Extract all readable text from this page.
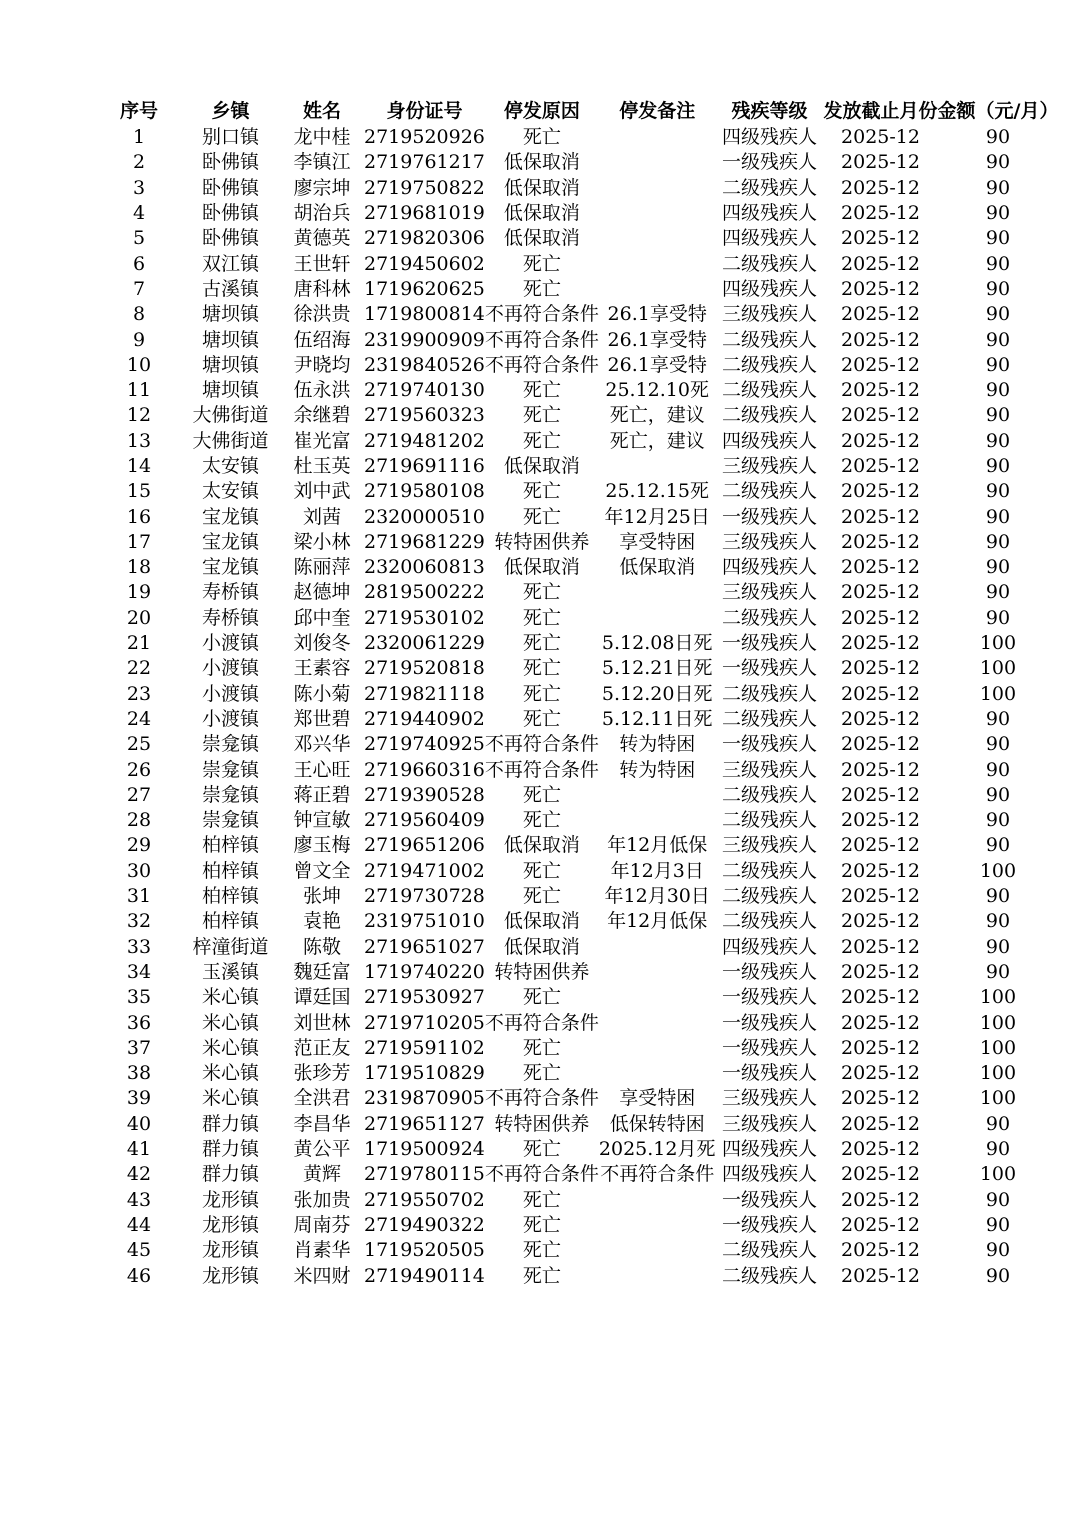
序号	乡镇	姓名	身份证号	停发原因	停发备注	残疾等级	发放截止月份	金额（元/月）
1	别口镇	龙中桂	2719520926	死亡		四级残疾人	2025-12	90
2	卧佛镇	李镇江	2719761217	低保取消		一级残疾人	2025-12	90
3	卧佛镇	廖宗坤	2719750822	低保取消		二级残疾人	2025-12	90
4	卧佛镇	胡治兵	2719681019	低保取消		四级残疾人	2025-12	90
5	卧佛镇	黄德英	2719820306	低保取消		四级残疾人	2025-12	90
6	双江镇	王世轩	2719450602	死亡		二级残疾人	2025-12	90
7	古溪镇	唐科林	1719620625	死亡		四级残疾人	2025-12	90
8	塘坝镇	徐洪贵	1719800814	不再符合条件	26.1享受特	三级残疾人	2025-12	90
9	塘坝镇	伍绍海	2319900909	不再符合条件	26.1享受特	二级残疾人	2025-12	90
10	塘坝镇	尹晓均	2319840526	不再符合条件	26.1享受特	二级残疾人	2025-12	90
11	塘坝镇	伍永洪	2719740130	死亡	25.12.10死	二级残疾人	2025-12	90
12	大佛街道	余继碧	2719560323	死亡	死亡，建议	二级残疾人	2025-12	90
13	大佛街道	崔光富	2719481202	死亡	死亡，建议	四级残疾人	2025-12	90
14	太安镇	杜玉英	2719691116	低保取消		三级残疾人	2025-12	90
15	太安镇	刘中武	2719580108	死亡	25.12.15死	二级残疾人	2025-12	90
16	宝龙镇	刘茜	2320000510	死亡	年12月25日	一级残疾人	2025-12	90
17	宝龙镇	梁小林	2719681229	转特困供养	享受特困	三级残疾人	2025-12	90
18	宝龙镇	陈丽萍	2320060813	低保取消	低保取消	四级残疾人	2025-12	90
19	寿桥镇	赵德坤	2819500222	死亡		三级残疾人	2025-12	90
20	寿桥镇	邱中奎	2719530102	死亡		二级残疾人	2025-12	90
21	小渡镇	刘俊冬	2320061229	死亡	5.12.08日死	一级残疾人	2025-12	100
22	小渡镇	王素容	2719520818	死亡	5.12.21日死	一级残疾人	2025-12	100
23	小渡镇	陈小菊	2719821118	死亡	5.12.20日死	二级残疾人	2025-12	100
24	小渡镇	郑世碧	2719440902	死亡	5.12.11日死	二级残疾人	2025-12	90
25	崇龛镇	邓兴华	2719740925	不再符合条件	转为特困	一级残疾人	2025-12	90
26	崇龛镇	王心旺	2719660316	不再符合条件	转为特困	三级残疾人	2025-12	90
27	崇龛镇	蒋正碧	2719390528	死亡		二级残疾人	2025-12	90
28	崇龛镇	钟宣敏	2719560409	死亡		二级残疾人	2025-12	90
29	柏梓镇	廖玉梅	2719651206	低保取消	年12月低保	三级残疾人	2025-12	90
30	柏梓镇	曾文全	2719471002	死亡	年12月3日	二级残疾人	2025-12	100
31	柏梓镇	张坤	2719730728	死亡	年12月30日	二级残疾人	2025-12	90
32	柏梓镇	袁艳	2319751010	低保取消	年12月低保	二级残疾人	2025-12	90
33	梓潼街道	陈敬	2719651027	低保取消		四级残疾人	2025-12	90
34	玉溪镇	魏廷富	1719740220	转特困供养		一级残疾人	2025-12	90
35	米心镇	谭廷国	2719530927	死亡		一级残疾人	2025-12	100
36	米心镇	刘世林	2719710205	不再符合条件		一级残疾人	2025-12	100
37	米心镇	范正友	2719591102	死亡		一级残疾人	2025-12	100
38	米心镇	张珍芳	1719510829	死亡		一级残疾人	2025-12	100
39	米心镇	全洪君	2319870905	不再符合条件	享受特困	三级残疾人	2025-12	100
40	群力镇	李昌华	2719651127	转特困供养	低保转特困	三级残疾人	2025-12	90
41	群力镇	黄公平	1719500924	死亡	2025.12月死	四级残疾人	2025-12	90
42	群力镇	黄辉	2719780115	不再符合条件	不再符合条件	四级残疾人	2025-12	100
43	龙形镇	张加贵	2719550702	死亡		一级残疾人	2025-12	90
44	龙形镇	周南芬	2719490322	死亡		一级残疾人	2025-12	90
45	龙形镇	肖素华	1719520505	死亡		二级残疾人	2025-12	90
46	龙形镇	米四财	2719490114	死亡		二级残疾人	2025-12	90
